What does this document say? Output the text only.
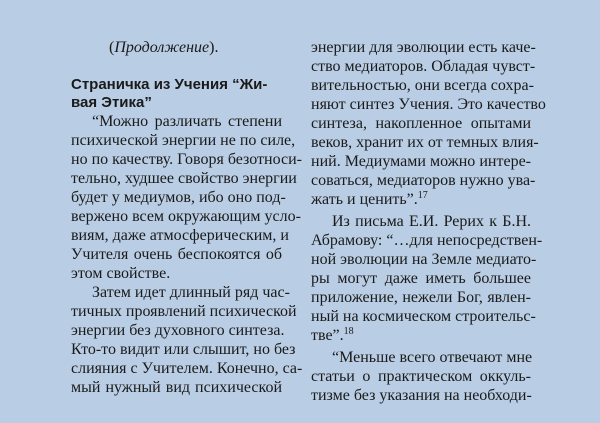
(Продолжение).
Страничка из Учения “Жи-
вая Этика”
“Можно различать степени
психической энергии не по силе,
но по качеству. Говоря безотноси-
тельно, худшее свойство энергии
будет у медиумов, ибо оно под-
вержено всем окружающим усло-
виям, даже атмосферическим, и
Учителя очень беспокоятся об
этом свойстве.
Затем идет длинный ряд час-
тичных проявлений психической
энергии без духовного синтеза.
Кто-то видит или слышит, но без
слияния с Учителем. Конечно, са-
мый нужный вид психической
энергии для эволюции есть каче-
ство медиаторов. Обладая чувст-
вительностью, они всегда сохра-
няют синтез Учения. Это качество
синтеза, накопленное опытами
веков, хранит их от темных влия-
ний. Медиумами можно интере-
соваться, медиаторов нужно ува-
жать и ценить”.$^{17}$
Из письма Е.И. Рерих к Б.Н.
Абрамову: “…для непосредствен-
ной эволюции на Земле медиато-
ры могут даже иметь большее
приложение, нежели Бог, явлен-
ный на космическом строительс-
тве”.$^{18}$
“Меньше всего отвечают мне
статьи о практическом оккуль-
тизме без указания на необходи-
